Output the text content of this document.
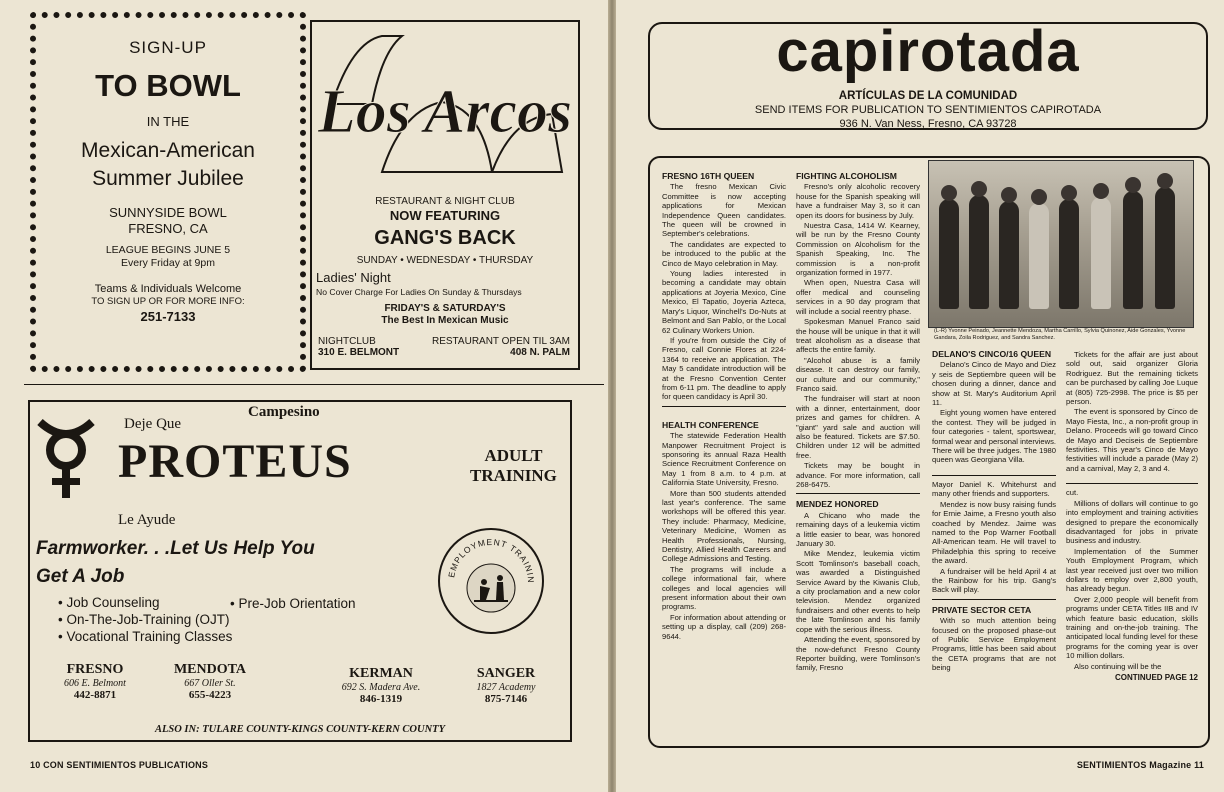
SIGN-UP
TO BOWL
IN THE
Mexican-American
Summer Jubilee
SUNNYSIDE BOWL
FRESNO, CA
LEAGUE BEGINS JUNE 5
Every Friday at 9pm
Teams & Individuals Welcome
TO SIGN UP OR FOR MORE INFO:
251-7133
Los Arcos
RESTAURANT & NIGHT CLUB
NOW FEATURING
GANG'S BACK
SUNDAY • WEDNESDAY • THURSDAY
Ladies' Night
No Cover Charge For Ladies On Sunday & Thursdays
FRIDAY'S & SATURDAY'S
The Best In Mexican Music
NIGHTCLUB
310 E. BELMONT
RESTAURANT OPEN TIL 3AM
408 N. PALM
Campesino
Deje Que
PROTEUS	ADULT
TRAINING
Le Ayude
Farmworker. . .Let Us Help You
Get A Job
• Job Counseling
• On-The-Job-Training (OJT)
• Vocational Training Classes
• Pre-Job Orientation
EMPLOYMENT TRAININ
FRESNO
606 E. Belmont
442-8871
MENDOTA
667 Oller St.
655-4223
KERMAN
692 S. Madera Ave.
846-1319
SANGER
1827 Academy
875-7146
ALSO IN: TULARE COUNTY-KINGS COUNTY-KERN COUNTY
10 CON SENTIMIENTOS PUBLICATIONS
capirotada
ARTÍCULAS DE LA COMUNIDAD
SEND ITEMS FOR PUBLICATION TO SENTIMIENTOS CAPIROTADA
936 N. Van Ness, Fresno, CA 93728
FRESNO 16TH QUEEN

The fresno Mexican Civic Committee is now accepting applications for Mexican Independence Queen candidates. The queen will be crowned in September's celebrations.

The candidates are expected to be introduced to the public at the Cinco de Mayo celebration in May.

Young ladies interested in becoming a candidate may obtain applications at Joyeria Mexico, Cine Mexico, El Tapatio, Joyeria Azteca, Mary's Liquor, Winchell's Do-Nuts at Belmont and San Pablo, or the Local 62 Culinary Workers Union.

If you're from outside the City of Fresno, call Connie Flores at 224-1364 to receive an application. The May 5 candidate introduction will be at the Fresno Convention Center from 6-11 pm. The deadline to apply for queen candidacy is April 30.

HEALTH CONFERENCE

The statewide Federation Health Manpower Recruitment Project is sponsoring its annual Raza Health Science Recruitment Conference on May 1 from 8 a.m. to 4 p.m. at California State University, Fresno.

More than 500 students attended last year's conference. The same workshops will be offered this year. They include: Pharmacy, Medicine, Veterinary Medicine, Women as Health Professionals, Nursing, Dentistry, Allied Health Careers and College Admissions and Testing.

The programs will include a college informational fair, where colleges and local agencies will present information about their own programs.

For information about attending or setting up a display, call (209) 268-9644.

FIGHTING ALCOHOLISM

Fresno's only alcoholic recovery house for the Spanish speaking will have a fundraiser May 3, so it can open its doors for business by July.

Nuestra Casa, 1414 W. Kearney, will be run by the Fresno County Commission on Alcoholism for the Spanish Speaking, Inc. The commission is a non-profit organization formed in 1977.

When open, Nuestra Casa will offer medical and counseling services in a 90 day program that will include a social reentry phase.

Spokesman Manuel Franco said the house will be unique in that it will treat alcoholism as a disease that affects the entire family.

"Alcohol abuse is a family disease. It can destroy our family, our culture and our community," Franco said.

The fundraiser will start at noon with a dinner, entertainment, door prizes and games for children. A "giant" yard sale and auction will also be featured. Tickets are $7.50. Children under 12 will be admitted free.

Tickets may be bought in advance. For more information, call 268-6475.

MENDEZ HONORED

A Chicano who made the remaining days of a leukemia victim a little easier to bear, was honored January 30.

Mike Mendez, leukemia victim Scott Tomlinson's baseball coach, was awarded a Distinguished Service Award by the Kiwanis Club, a city proclamation and a new color television. Mendez organized fundraisers and other events to help the late Tomlinson and his family cope with the serious illness.

Attending the event, sponsored by the now-defunct Fresno County Reporter building, were Tomlinson's family, Fresno

(L-R) Yvonne Peinado, Jeannette Mendoza, Martha Carrillo, Sylvia Quinonez, Aide Gonzales, Yvonne Gandara, Zoila Rodriguez, and Sandra Sanchez.
DELANO'S CINCO/16 QUEEN

Delano's Cinco de Mayo and Diez y seis de Septiembre queen will be chosen during a dinner, dance and show at St. Mary's Auditorium April 11.

Eight young women have entered the contest. They will be judged in four categories - talent, sportswear, formal wear and personal interviews. There will be three judges. The 1980 queen was Georgiana Villa.

Mayor Daniel K. Whitehurst and many other friends and supporters.

Mendez is now busy raising funds for Ernie Jaime, a Fresno youth also coached by Mendez. Jaime was named to the Pop Warner Football All-American team. He will travel to Philadelphia this spring to receive the award.

A fundraiser will be held April 4 at the Rainbow for his trip. Gang's Back will play.

PRIVATE SECTOR CETA

With so much attention being focused on the proposed phase-out of Public Service Employment Programs, little has been said about the CETA programs that are not being

Tickets for the affair are just about sold out, said organizer Gloria Rodriguez. But the remaining tickets can be purchased by calling Joe Luque at (805) 725-2998. The price is $5 per person.

The event is sponsored by Cinco de Mayo Fiesta, Inc., a non-profit group in Delano. Proceeds will go toward Cinco de Mayo and Deciseis de Septiembre festivities. This year's Cinco de Mayo festivities will include a parade (May 2) and a carnival, May 2, 3 and 4.

cut.

Millions of dollars will continue to go into employment and training activities designed to prepare the economically disadvantaged for jobs in private business and industry.

Implementation of the Summer Youth Employment Program, which last year received just over two million dollars to employ over 2,800 youth, has already begun.

Over 2,000 people will benefit from programs under CETA Titles IIB and IV which feature basic education, skills training and on-the-job training. The anticipated local funding level for these programs for the coming year is over 10 million dollars.

Also continuing will be the

CONTINUED PAGE 12
SENTIMIENTOS Magazine 11
